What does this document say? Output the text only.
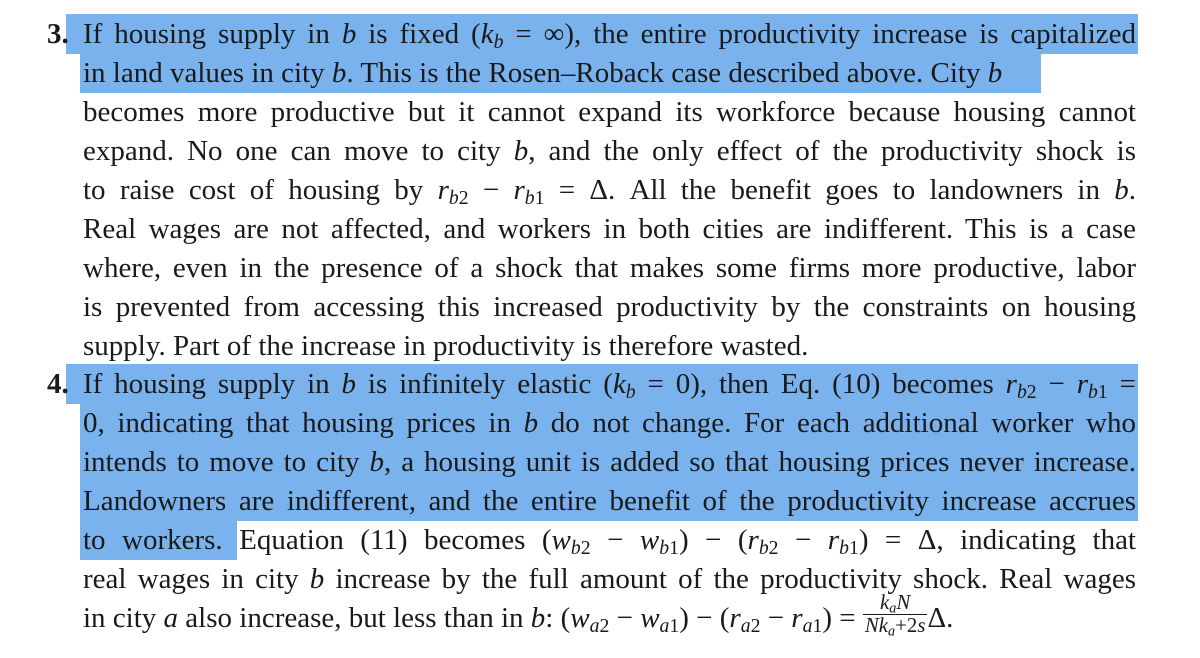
3. If housing supply in b is fixed ($k_b$ = ∞), the entire productivity increase is capitalized
in land values in city b. This is the Rosen–Roback case described above. City b
becomes more productive but it cannot expand its workforce because housing cannot
expand. No one can move to city b, and the only effect of the productivity shock is
to raise cost of housing by $r_{b2} - r_{b1} = \Delta$. All the benefit goes to landowners in b.
Real wages are not affected, and workers in both cities are indifferent. This is a case
where, even in the presence of a shock that makes some firms more productive, labor
is prevented from accessing this increased productivity by the constraints on housing
supply. Part of the increase in productivity is therefore wasted.
4. If housing supply in b is infinitely elastic $(k_b = 0)$, then Eq. (10) becomes $r_{b2} - r_{b1}$ =
0, indicating that housing prices in b do not change. For each additional worker who
intends to move to city b, a housing unit is added so that housing prices never increase.
Landowners are indifferent, and the entire benefit of the productivity increase accrues
to workers. Equation (11) becomes $(w_{b2} - w_{b1}) - (r_{b2} - r_{b1}) = \Delta$, indicating that
real wages in city b increase by the full amount of the productivity shock. Real wages
in city a also increase, but less than in b: $(w_{a2} - w_{a1}) - (r_{a2} - r_{a1}) = \frac{k_aN}{Nk_a+2s} \Delta$.
